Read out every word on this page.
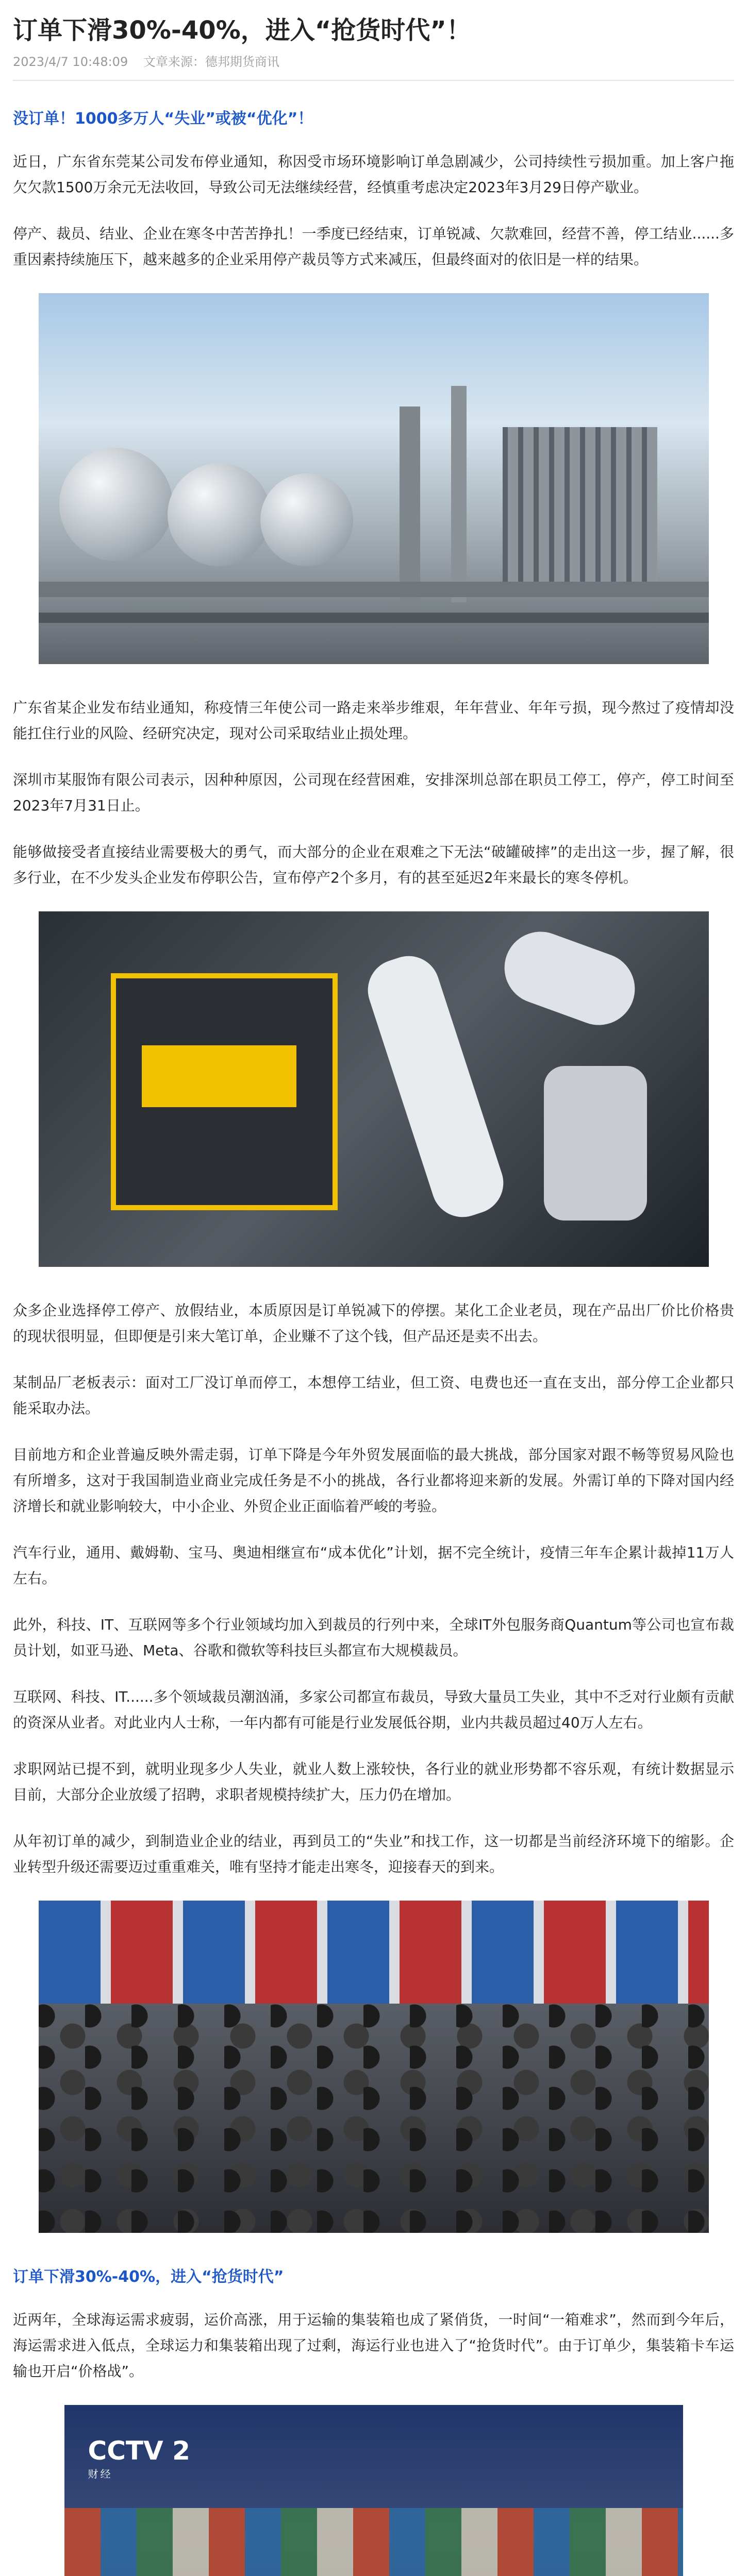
订单下滑30%-40%，进入“抢货时代”！
2023/4/7 10:48:09 文章来源：德邦期货商讯
没订单！1000多万人“失业”或被“优化”！

近日，广东省东莞某公司发布停业通知，称因受市场环境影响订单急剧减少，公司持续性亏损加重。加上客户拖欠欠款1500万余元无法收回，导致公司无法继续经营，经慎重考虑决定2023年3月29日停产歇业。

停产、裁员、结业、企业在寒冬中苦苦挣扎！一季度已经结束，订单锐减、欠款难回，经营不善，停工结业......多重因素持续施压下，越来越多的企业采用停产裁员等方式来减压，但最终面对的依旧是一样的结果。

广东省某企业发布结业通知，称疫情三年使公司一路走来举步维艰，年年营业、年年亏损，现今熬过了疫情却没能扛住行业的风险、经研究决定，现对公司采取结业止损处理。

深圳市某服饰有限公司表示，因种种原因，公司现在经营困难，安排深圳总部在职员工停工，停产，停工时间至2023年7月31日止。

能够做接受者直接结业需要极大的勇气，而大部分的企业在艰难之下无法“破罐破摔”的走出这一步，握了解，很多行业，在不少发头企业发布停职公告，宣布停产2个多月，有的甚至延迟2年来最长的寒冬停机。

众多企业选择停工停产、放假结业，本质原因是订单锐减下的停摆。某化工企业老员，现在产品出厂价比价格贵的现状很明显，但即便是引来大笔订单，企业赚不了这个钱，但产品还是卖不出去。

某制品厂老板表示：面对工厂没订单而停工，本想停工结业，但工资、电费也还一直在支出，部分停工企业都只能采取办法。

目前地方和企业普遍反映外需走弱，订单下降是今年外贸发展面临的最大挑战，部分国家对跟不畅等贸易风险也有所增多，这对于我国制造业商业完成任务是不小的挑战，各行业都将迎来新的发展。外需订单的下降对国内经济增长和就业影响较大，中小企业、外贸企业正面临着严峻的考验。

汽车行业，通用、戴姆勒、宝马、奥迪相继宣布“成本优化”计划，据不完全统计，疫情三年车企累计裁掉11万人左右。

此外，科技、IT、互联网等多个行业领域均加入到裁员的行列中来，全球IT外包服务商Quantum等公司也宣布裁员计划，如亚马逊、Meta、谷歌和微软等科技巨头都宣布大规模裁员。

互联网、科技、IT......多个领域裁员潮汹涌，多家公司都宣布裁员，导致大量员工失业，其中不乏对行业颇有贡献的资深从业者。对此业内人士称，一年内都有可能是行业发展低谷期，业内共裁员超过40万人左右。

求职网站已提不到，就明业现多少人失业，就业人数上涨较快，各行业的就业形势都不容乐观，有统计数据显示目前，大部分企业放缓了招聘，求职者规模持续扩大，压力仍在增加。

从年初订单的减少，到制造业企业的结业，再到员工的“失业”和找工作，这一切都是当前经济环境下的缩影。企业转型升级还需要迈过重重难关，唯有坚持才能走出寒冬，迎接春天的到来。

订单下滑30%-40%，进入“抢货时代”

近两年，全球海运需求疲弱，运价高涨，用于运输的集装箱也成了紧俏货，一时间“一箱难求”，然而到今年后，海运需求进入低点，全球运力和集装箱出现了过剩，海运行业也进入了“抢货时代”。由于订单少，集装箱卡车运输也开启“价格战”。

CCTV 2
财经
